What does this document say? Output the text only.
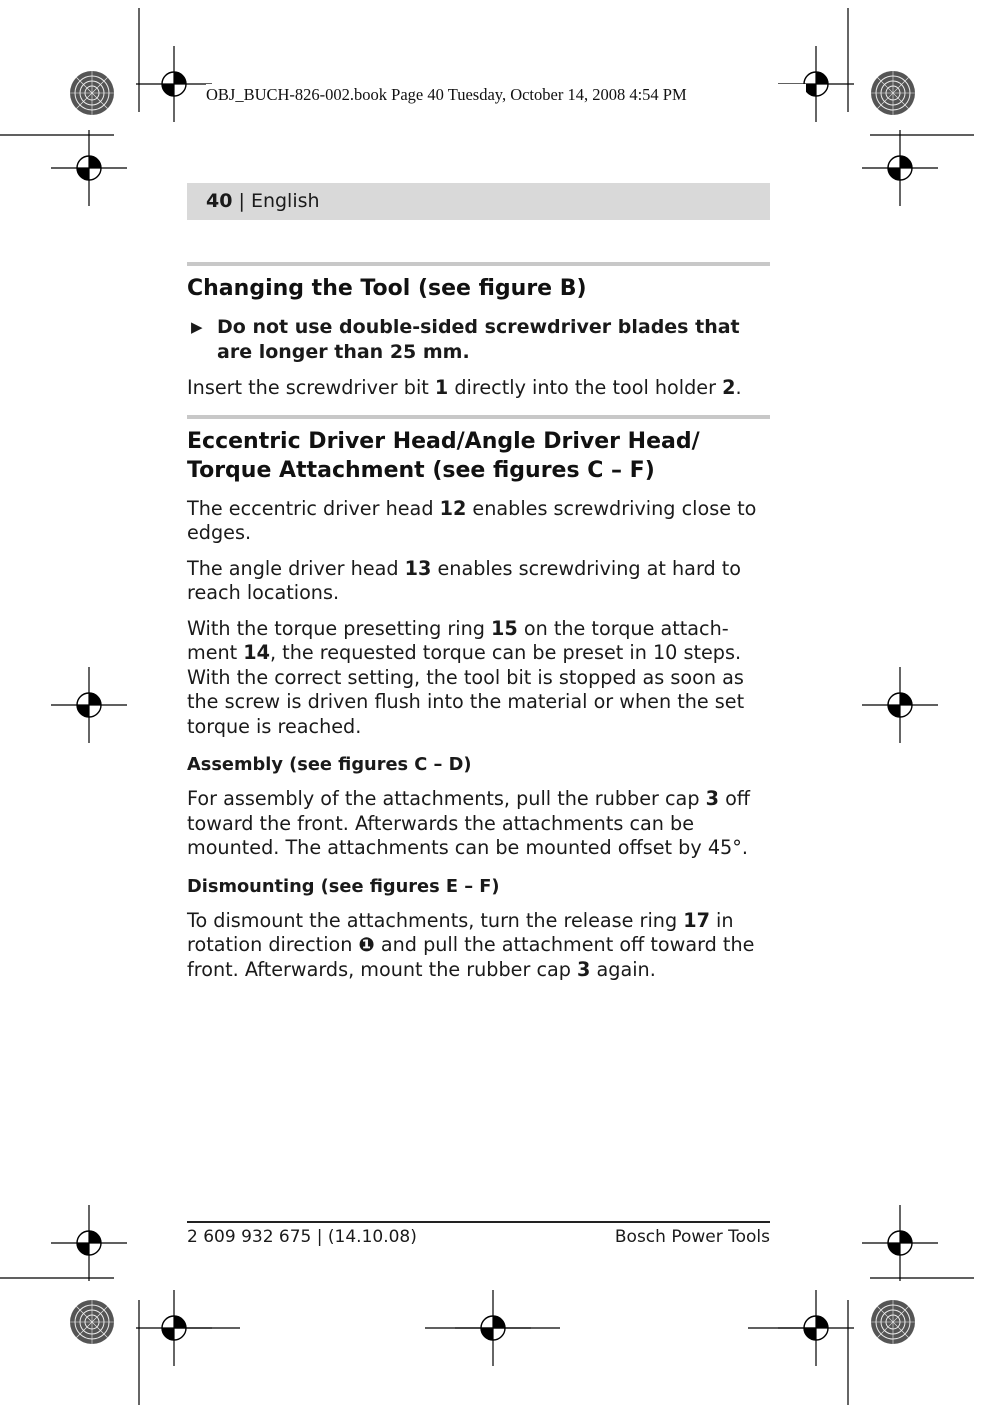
OBJ_BUCH-826-002.book Page 40 Tuesday, October 14, 2008 4:54 PM
40 | English
Changing the Tool (see figure B)
▶ Do not use double-sided screwdriver blades that are longer than 25 mm.

Insert the screwdriver bit 1 directly into the tool holder 2.

Eccentric Driver Head/Angle Driver Head/
Torque Attachment (see figures C – F)

The eccentric driver head 12 enables screwdriving close to edges.

The angle driver head 13 enables screwdriving at hard to reach locations.

With the torque presetting ring 15 on the torque attach-ment 14, the requested torque can be preset in 10 steps. With the correct setting, the tool bit is stopped as soon as the screw is driven flush into the material or when the set torque is reached.

Assembly (see figures C – D)

For assembly of the attachments, pull the rubber cap 3 off toward the front. Afterwards the attachments can be mounted. The attachments can be mounted offset by 45°.

Dismounting (see figures E – F)

To dismount the attachments, turn the release ring 17 in rotation direction ❶ and pull the attachment off toward the front. Afterwards, mount the rubber cap 3 again.

2 609 932 675 | (14.10.08)	Bosch Power Tools
